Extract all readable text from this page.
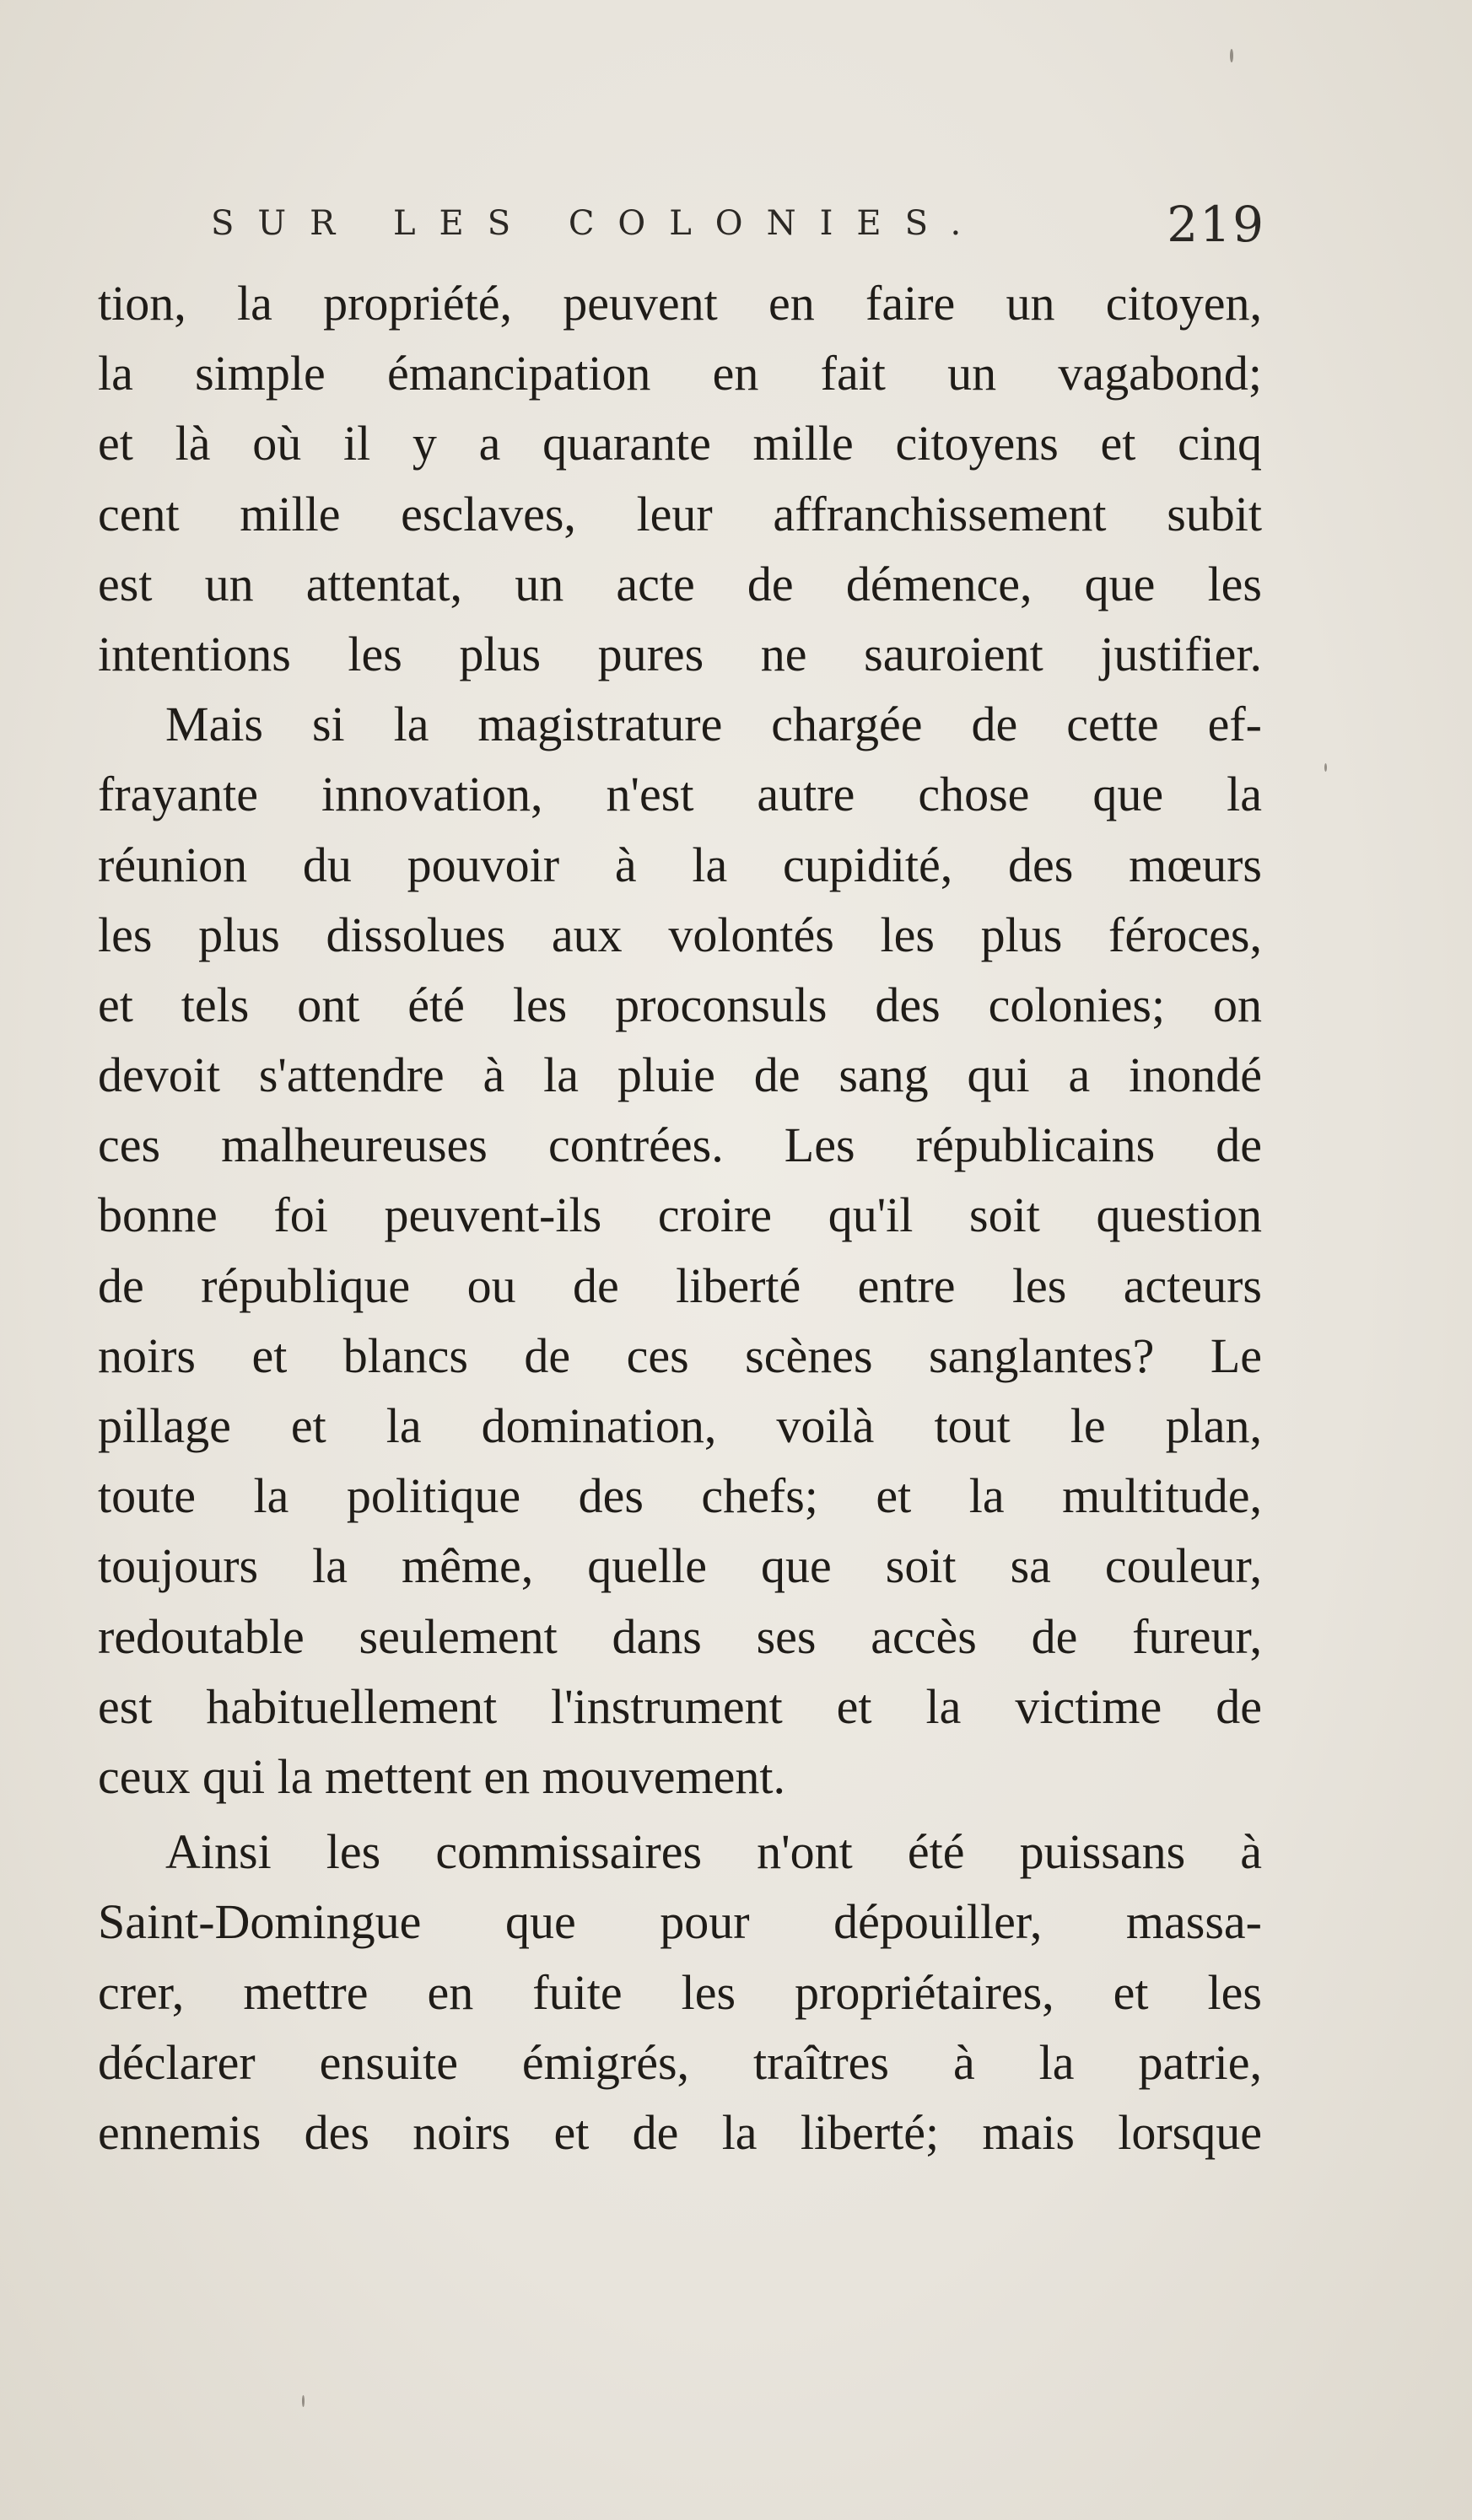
SUR LES COLONIES.	219
tion, la propriété, peuvent en faire un citoyen,
la simple émancipation en fait un vagabond;
et là où il y a quarante mille citoyens et cinq
cent mille esclaves, leur affranchissement subit
est un attentat, un acte de démence, que les
intentions les plus pures ne sauroient justifier.
Mais si la magistrature chargée de cette ef-
frayante innovation, n'est autre chose que la
réunion du pouvoir à la cupidité, des mœurs
les plus dissolues aux volontés les plus féroces,
et tels ont été les proconsuls des colonies; on
devoit s'attendre à la pluie de sang qui a inondé
ces malheureuses contrées. Les républicains de
bonne foi peuvent-ils croire qu'il soit question
de république ou de liberté entre les acteurs
noirs et blancs de ces scènes sanglantes? Le
pillage et la domination, voilà tout le plan,
toute la politique des chefs; et la multitude,
toujours la même, quelle que soit sa couleur,
redoutable seulement dans ses accès de fureur,
est habituellement l'instrument et la victime de
ceux qui la mettent en mouvement.
Ainsi les commissaires n'ont été puissans à
Saint-Domingue que pour dépouiller, massa-
crer, mettre en fuite les propriétaires, et les
déclarer ensuite émigrés, traîtres à la patrie,
ennemis des noirs et de la liberté; mais lorsque
